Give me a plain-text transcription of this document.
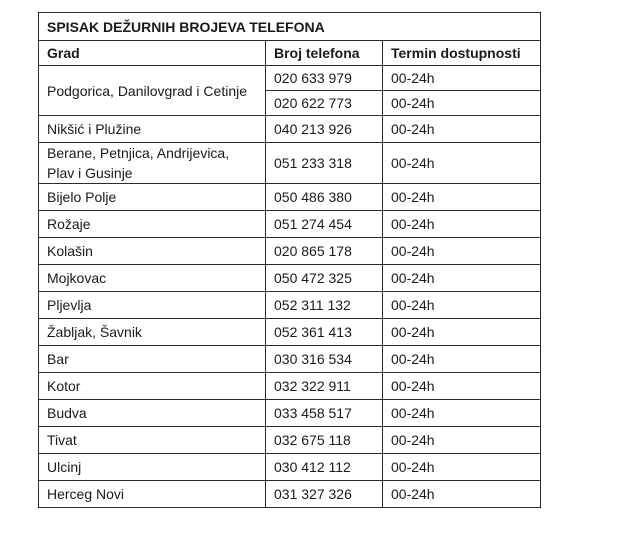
SPISAK DEŽURNIH BROJEVA TELEFONA		
Grad	Broj telefona	Termin dostupnosti
Podgorica, Danilovgrad i Cetinje	020 633 979	00-24h
	020 622 773	00-24h
Nikšić i Plužine	040 213 926	00-24h
Berane, Petnjica, Andrijevica, Plav i Gusinje	051 233 318	00-24h
Bijelo Polje	050 486 380	00-24h
Rožaje	051 274 454	00-24h
Kolašin	020 865 178	00-24h
Mojkovac	050 472 325	00-24h
Pljevlja	052 311 132	00-24h
Žabljak, Šavnik	052 361 413	00-24h
Bar	030 316 534	00-24h
Kotor	032 322 911	00-24h
Budva	033 458 517	00-24h
Tivat	032 675 118	00-24h
Ulcinj	030 412 112	00-24h
Herceg Novi	031 327 326	00-24h
